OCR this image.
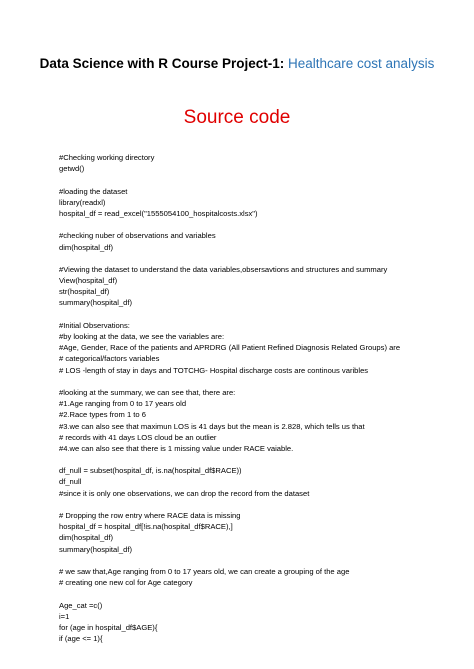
Data Science with R Course Project-1: Healthcare cost analysis
Source code
#Checking working directory
getwd()
#loading the dataset
library(readxl)
hospital_df = read_excel("1555054100_hospitalcosts.xlsx")
#checking nuber of observations and variables
dim(hospital_df)
#Viewing the dataset to understand the data variables,obsersavtions and structures and summary
View(hospital_df)
str(hospital_df)
summary(hospital_df)
#Initial Observations:
#by looking at the data, we see the variables are:
#Age, Gender, Race of the patients and APRDRG (All Patient Refined Diagnosis Related Groups) are
# categorical/factors variables
# LOS -length of stay in days and TOTCHG- Hospital discharge costs are continous varibles
#looking at the summary, we can see that, there are:
#1.Age ranging from 0 to 17 years old
#2.Race types from 1 to 6
#3.we can also see that maximun LOS is 41 days but the mean is 2.828, which tells us that
# records with 41 days LOS cloud be an outlier
#4.we can also see that there is 1 missing value under RACE vaiable.
df_null = subset(hospital_df, is.na(hospital_df$RACE))
df_null
#since it is only one observations, we can drop the record from the dataset
# Dropping the row entry where RACE data is missing
hospital_df = hospital_df[!is.na(hospital_df$RACE),]
dim(hospital_df)
summary(hospital_df)
# we saw that,Age ranging from 0 to 17 years old, we can create a grouping of the age
# creating one new col for Age category
Age_cat =c()
i=1
for (age in hospital_df$AGE){
if (age <= 1){
